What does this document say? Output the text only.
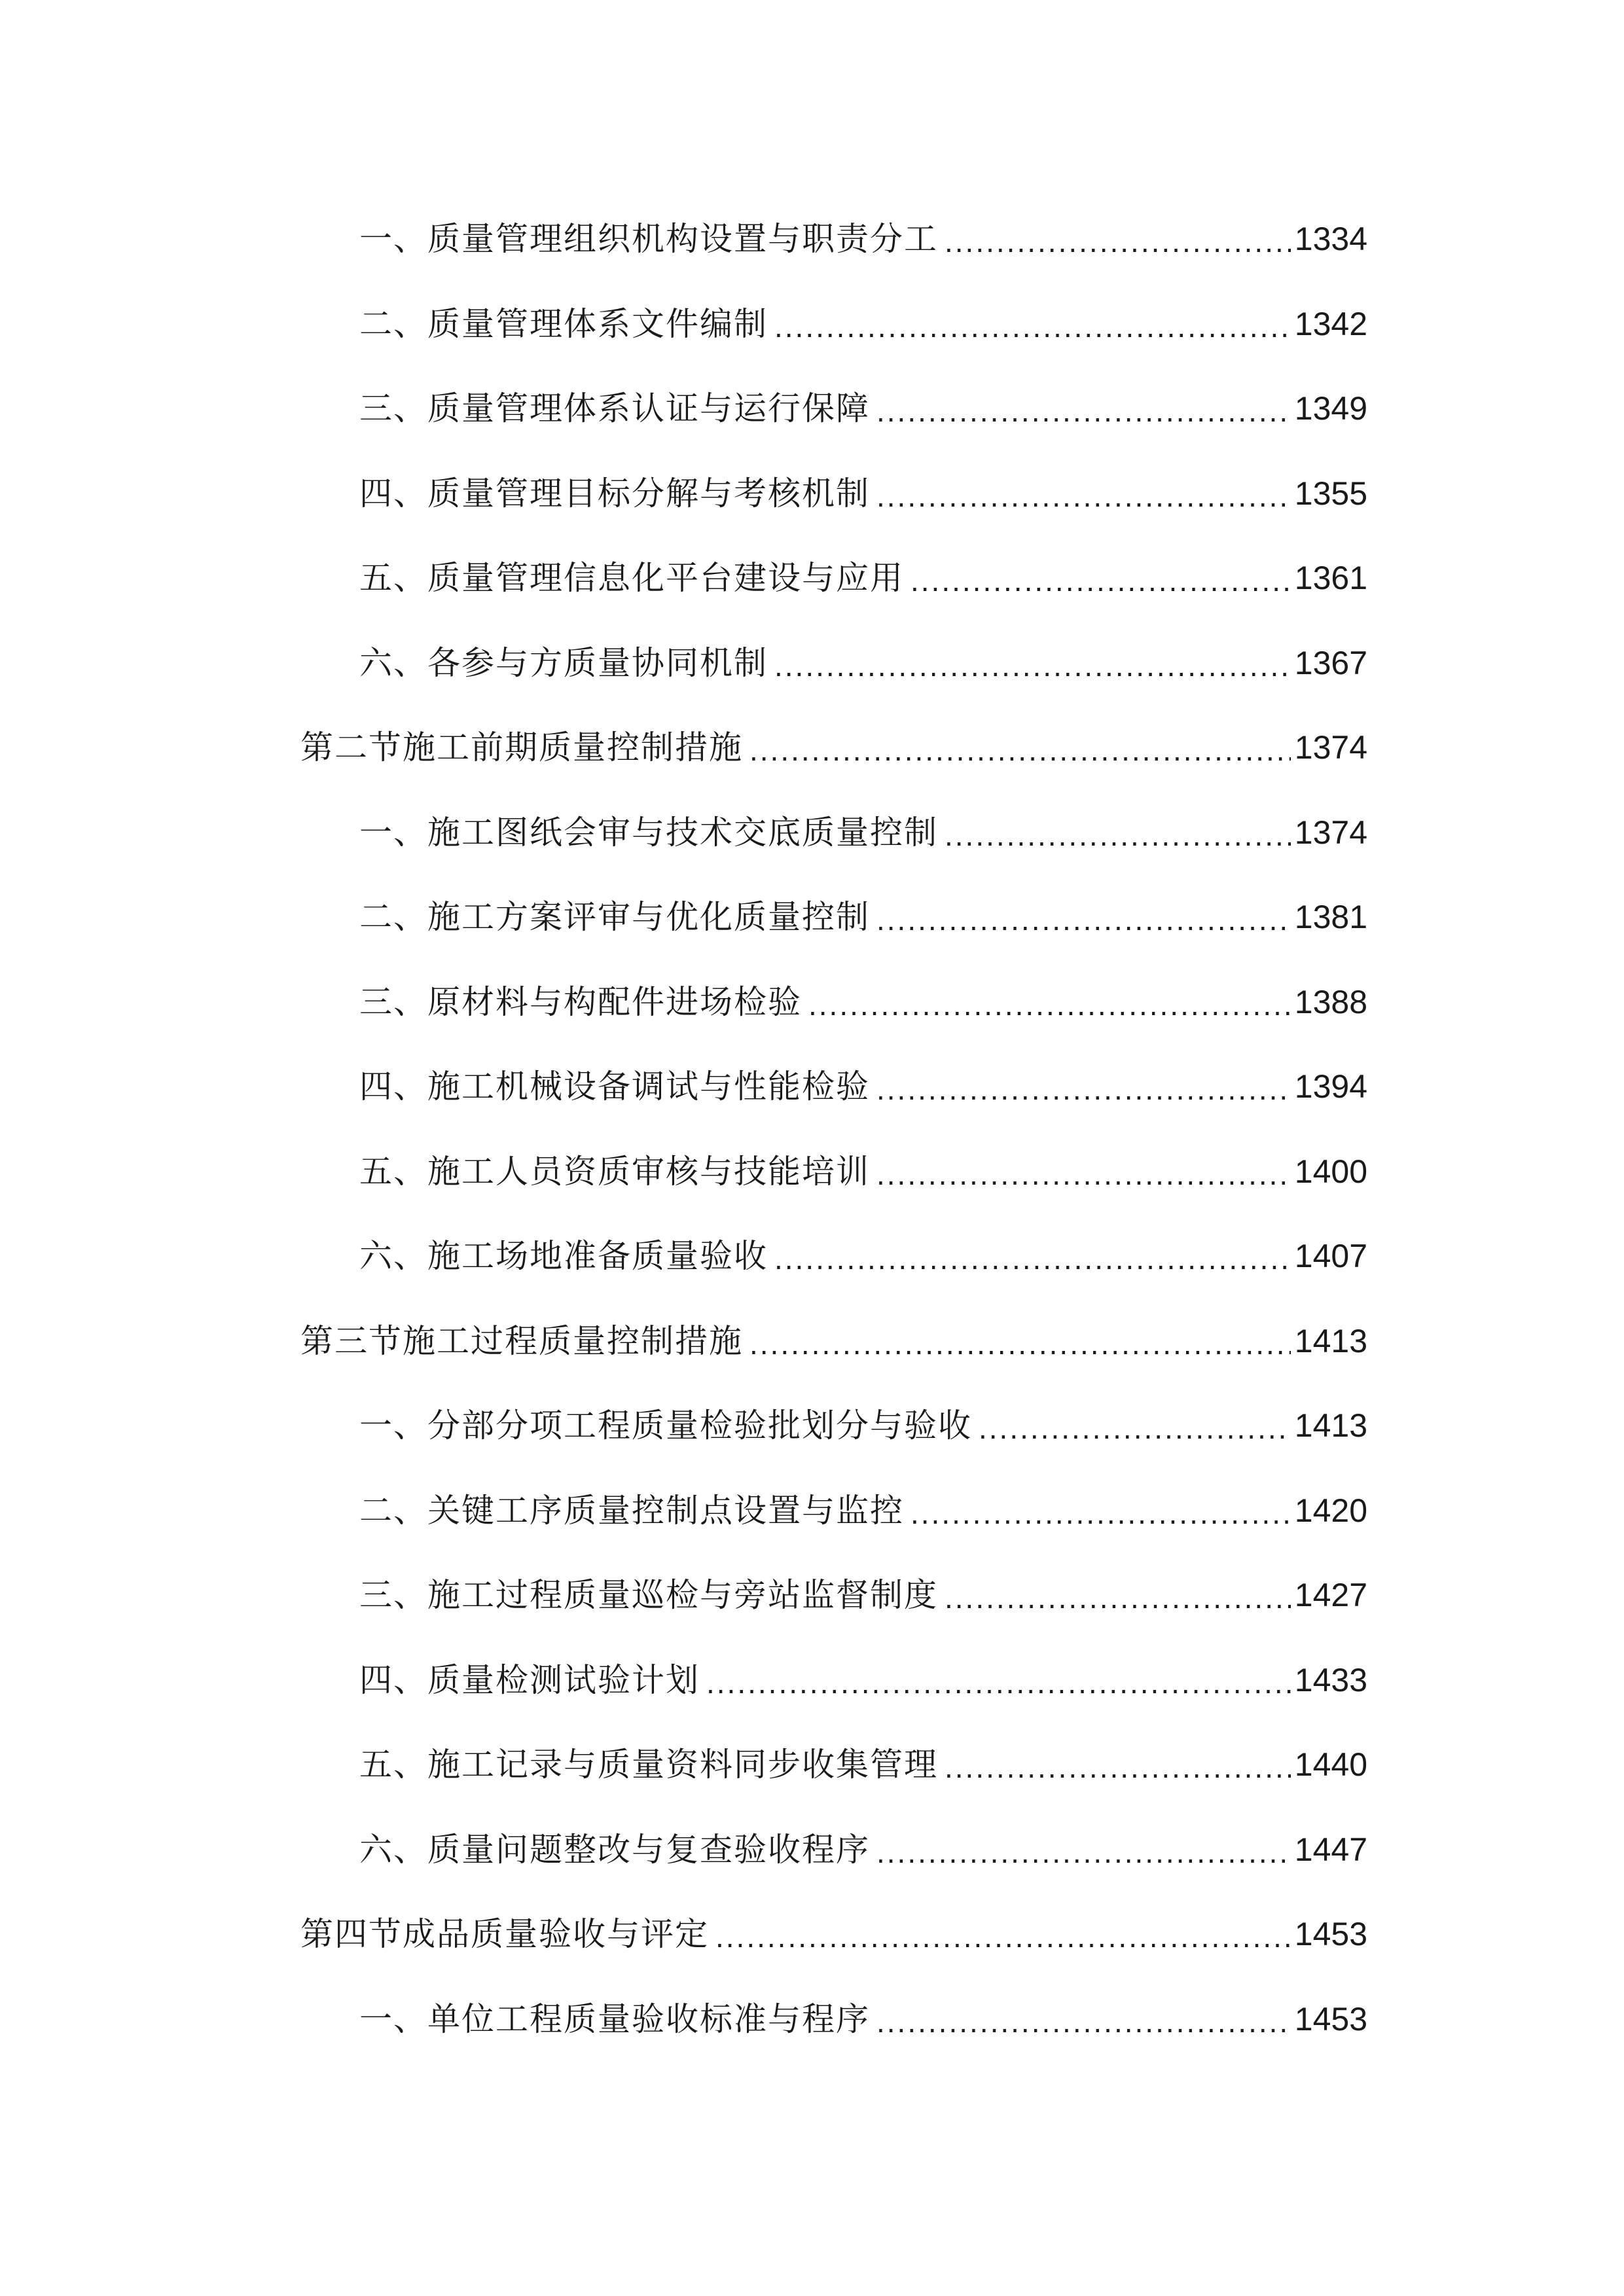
一、质量管理组织机构设置与职责分工 .....	1334
二、质量管理体系文件编制 .....	1342
三、质量管理体系认证与运行保障 .....	1349
四、质量管理目标分解与考核机制 .....	1355
五、质量管理信息化平台建设与应用 .....	1361
六、各参与方质量协同机制 .....	1367
第二节施工前期质量控制措施 .....	1374
一、施工图纸会审与技术交底质量控制 .....	1374
二、施工方案评审与优化质量控制 .....	1381
三、原材料与构配件进场检验 .....	1388
四、施工机械设备调试与性能检验 .....	1394
五、施工人员资质审核与技能培训 .....	1400
六、施工场地准备质量验收 .....	1407
第三节施工过程质量控制措施 .....	1413
一、分部分项工程质量检验批划分与验收 .....	1413
二、关键工序质量控制点设置与监控 .....	1420
三、施工过程质量巡检与旁站监督制度 .....	1427
四、质量检测试验计划 .....	1433
五、施工记录与质量资料同步收集管理 .....	1440
六、质量问题整改与复查验收程序 .....	1447
第四节成品质量验收与评定 .....	1453
一、单位工程质量验收标准与程序 .....	1453
